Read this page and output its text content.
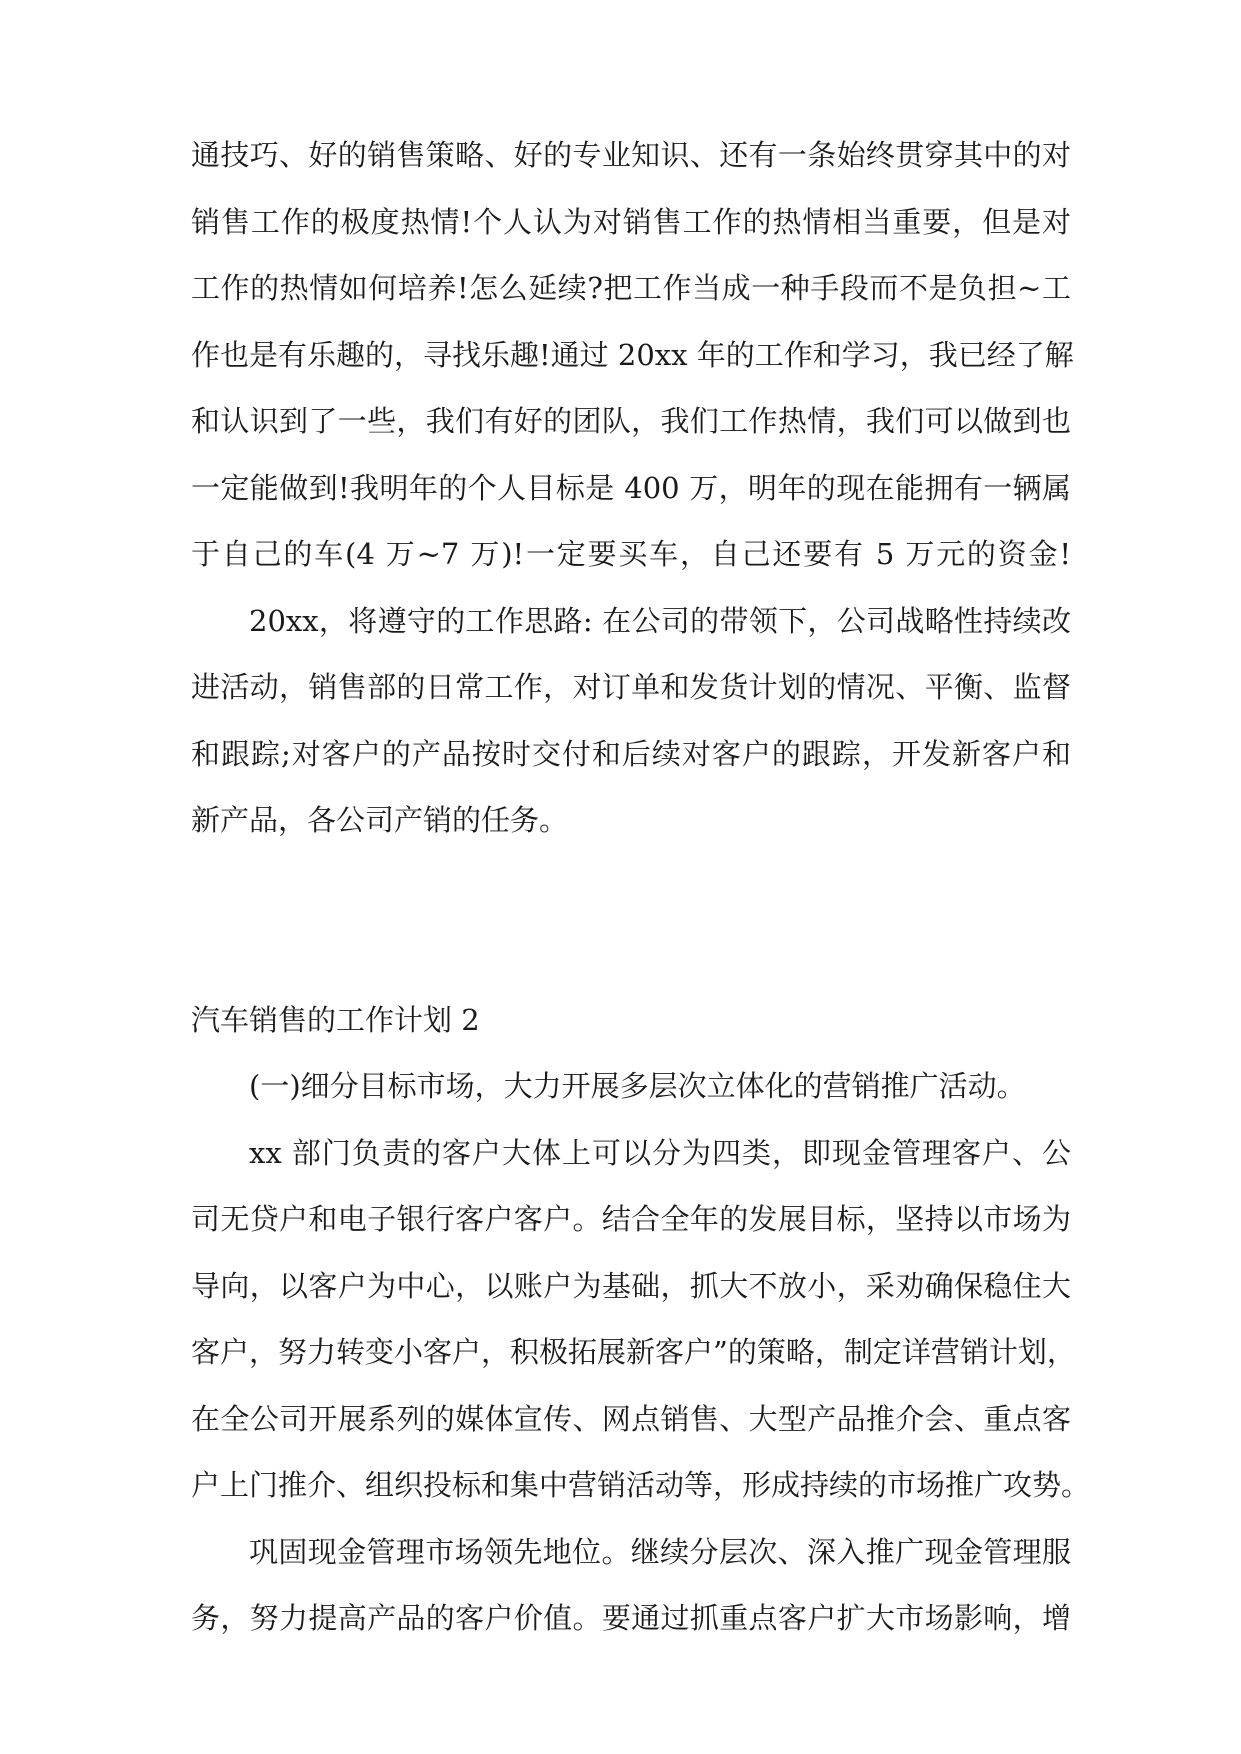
通技巧、好的销售策略、好的专业知识、还有一条始终贯穿其中的对
销售工作的极度热情!个人认为对销售工作的热情相当重要，但是对
工作的热情如何培养!怎么延续?把工作当成一种手段而不是负担~工
作也是有乐趣的，寻找乐趣!通过 20xx 年的工作和学习，我已经了解
和认识到了一些，我们有好的团队，我们工作热情，我们可以做到也
一定能做到!我明年的个人目标是 400 万，明年的现在能拥有一辆属
于自己的车(4 万~7 万)!一定要买车，自己还要有 5 万元的资金!
20xx，将遵守的工作思路: 在公司的带领下，公司战略性持续改
进活动，销售部的日常工作，对订单和发货计划的情况、平衡、监督
和跟踪;对客户的产品按时交付和后续对客户的跟踪，开发新客户和
新产品，各公司产销的任务。
汽车销售的工作计划 2
(一)细分目标市场，大力开展多层次立体化的营销推广活动。
xx 部门负责的客户大体上可以分为四类，即现金管理客户、公
司无贷户和电子银行客户客户。结合全年的发展目标，坚持以市场为
导向，以客户为中心，以账户为基础，抓大不放小，采劝确保稳住大
客户，努力转变小客户，积极拓展新客户”的策略，制定详营销计划，
在全公司开展系列的媒体宣传、网点销售、大型产品推介会、重点客
户上门推介、组织投标和集中营销活动等，形成持续的市场推广攻势。
巩固现金管理市场领先地位。继续分层次、深入推广现金管理服
务，努力提高产品的客户价值。要通过抓重点客户扩大市场影响，增
